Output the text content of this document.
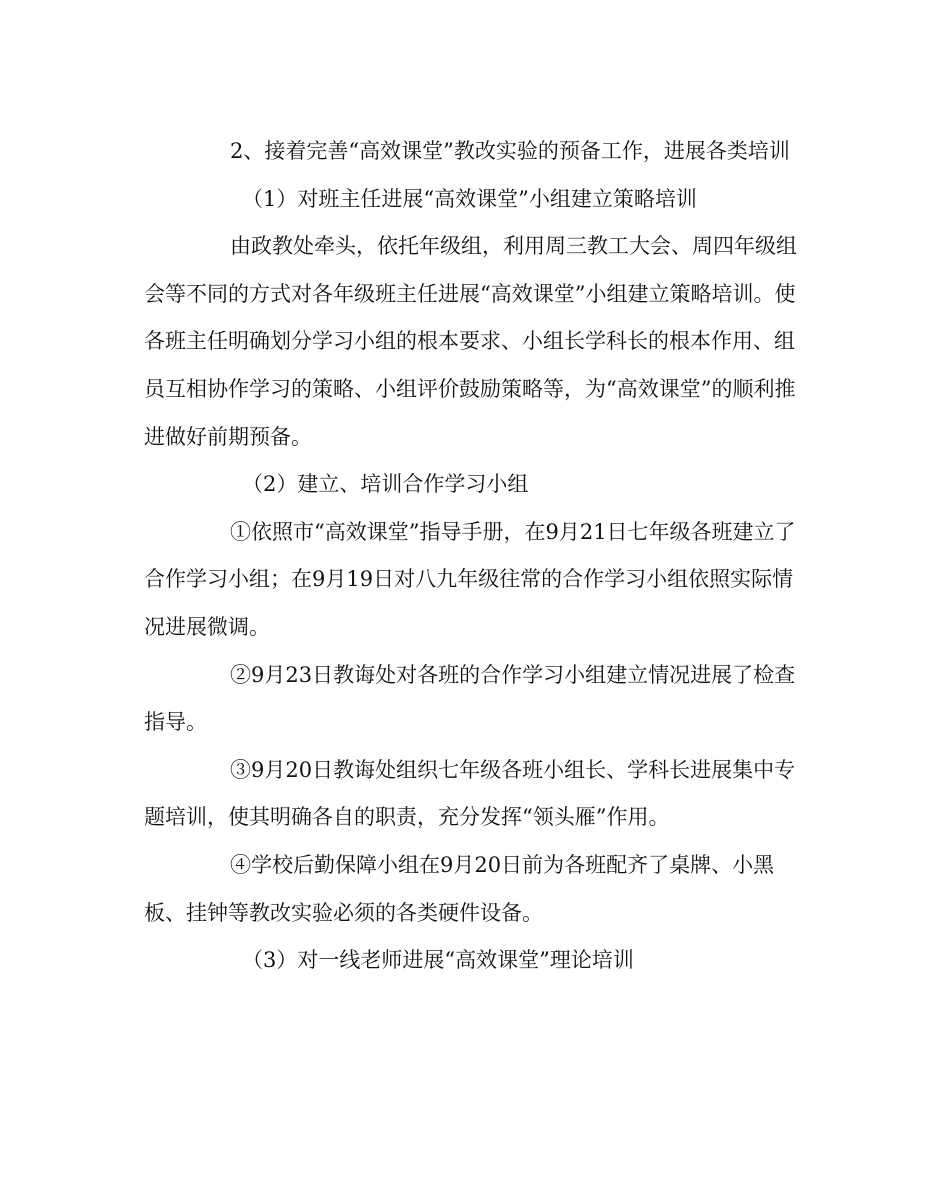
2、接着完善“高效课堂”教改实验的预备工作，进展各类培训

（1）对班主任进展“高效课堂”小组建立策略培训

由政教处牵头，依托年级组，利用周三教工大会、周四年级组会等不同的方式对各年级班主任进展“高效课堂”小组建立策略培训。使各班主任明确划分学习小组的根本要求、小组长学科长的根本作用、组员互相协作学习的策略、小组评价鼓励策略等，为“高效课堂”的顺利推进做好前期预备。

（2）建立、培训合作学习小组

①依照市“高效课堂”指导手册，在9月21日七年级各班建立了合作学习小组；在9月19日对八九年级往常的合作学习小组依照实际情况进展微调。

②9月23日教诲处对各班的合作学习小组建立情况进展了检查指导。

③9月20日教诲处组织七年级各班小组长、学科长进展集中专题培训，使其明确各自的职责，充分发挥“领头雁”作用。

④学校后勤保障小组在9月20日前为各班配齐了桌牌、小黑板、挂钟等教改实验必须的各类硬件设备。

（3）对一线老师进展“高效课堂”理论培训
